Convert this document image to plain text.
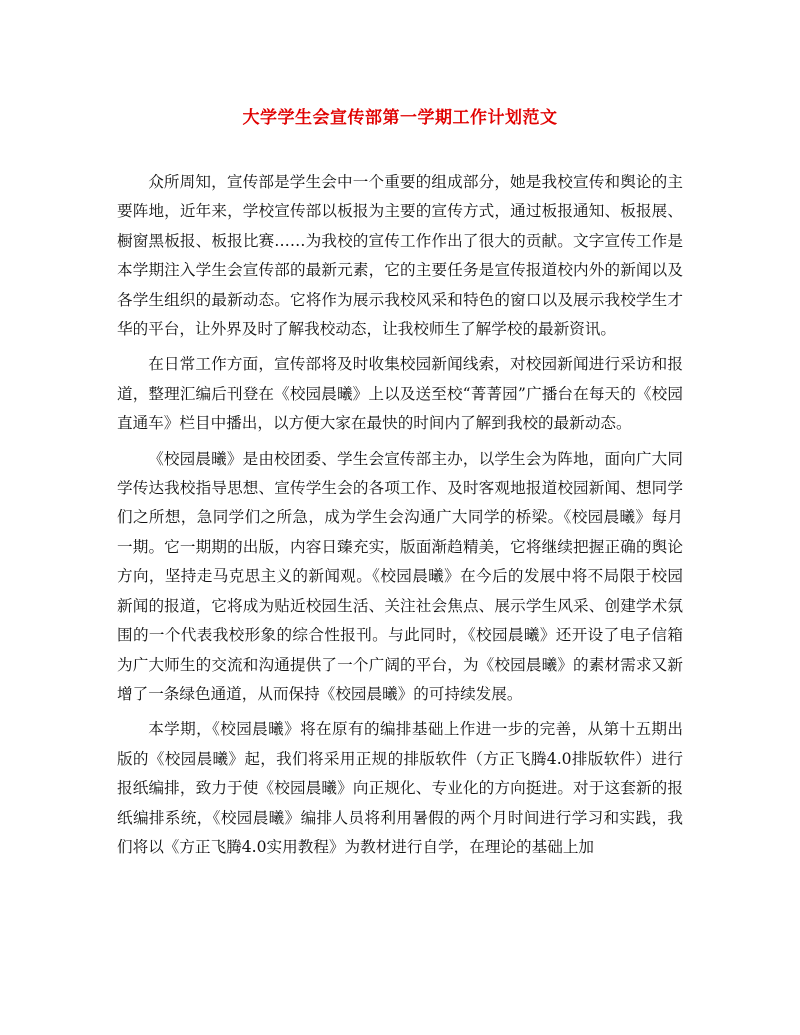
大学学生会宣传部第一学期工作计划范文

众所周知，宣传部是学生会中一个重要的组成部分，她是我校宣传和舆论的主要阵地，近年来，学校宣传部以板报为主要的宣传方式，通过板报通知、板报展、橱窗黑板报、板报比赛……为我校的宣传工作作出了很大的贡献。文字宣传工作是本学期注入学生会宣传部的最新元素，它的主要任务是宣传报道校内外的新闻以及各学生组织的最新动态。它将作为展示我校风采和特色的窗口以及展示我校学生才华的平台，让外界及时了解我校动态，让我校师生了解学校的最新资讯。

在日常工作方面，宣传部将及时收集校园新闻线索，对校园新闻进行采访和报道，整理汇编后刊登在《校园晨曦》上以及送至校“菁菁园”广播台在每天的《校园直通车》栏目中播出，以方便大家在最快的时间内了解到我校的最新动态。

《校园晨曦》是由校团委、学生会宣传部主办，以学生会为阵地，面向广大同学传达我校指导思想、宣传学生会的各项工作、及时客观地报道校园新闻、想同学们之所想，急同学们之所急，成为学生会沟通广大同学的桥梁。《校园晨曦》每月一期。它一期期的出版，内容日臻充实，版面渐趋精美，它将继续把握正确的舆论方向，坚持走马克思主义的新闻观。《校园晨曦》在今后的发展中将不局限于校园新闻的报道，它将成为贴近校园生活、关注社会焦点、展示学生风采、创建学术氛围的一个代表我校形象的综合性报刊。与此同时，《校园晨曦》还开设了电子信箱为广大师生的交流和沟通提供了一个广阔的平台，为《校园晨曦》的素材需求又新增了一条绿色通道，从而保持《校园晨曦》的可持续发展。

本学期，《校园晨曦》将在原有的编排基础上作进一步的完善，从第十五期出版的《校园晨曦》起，我们将采用正规的排版软件（方正飞腾4.0排版软件）进行报纸编排，致力于使《校园晨曦》向正规化、专业化的方向挺进。对于这套新的报纸编排系统，《校园晨曦》编排人员将利用暑假的两个月时间进行学习和实践，我们将以《方正飞腾4.0实用教程》为教材进行自学，在理论的基础上加
